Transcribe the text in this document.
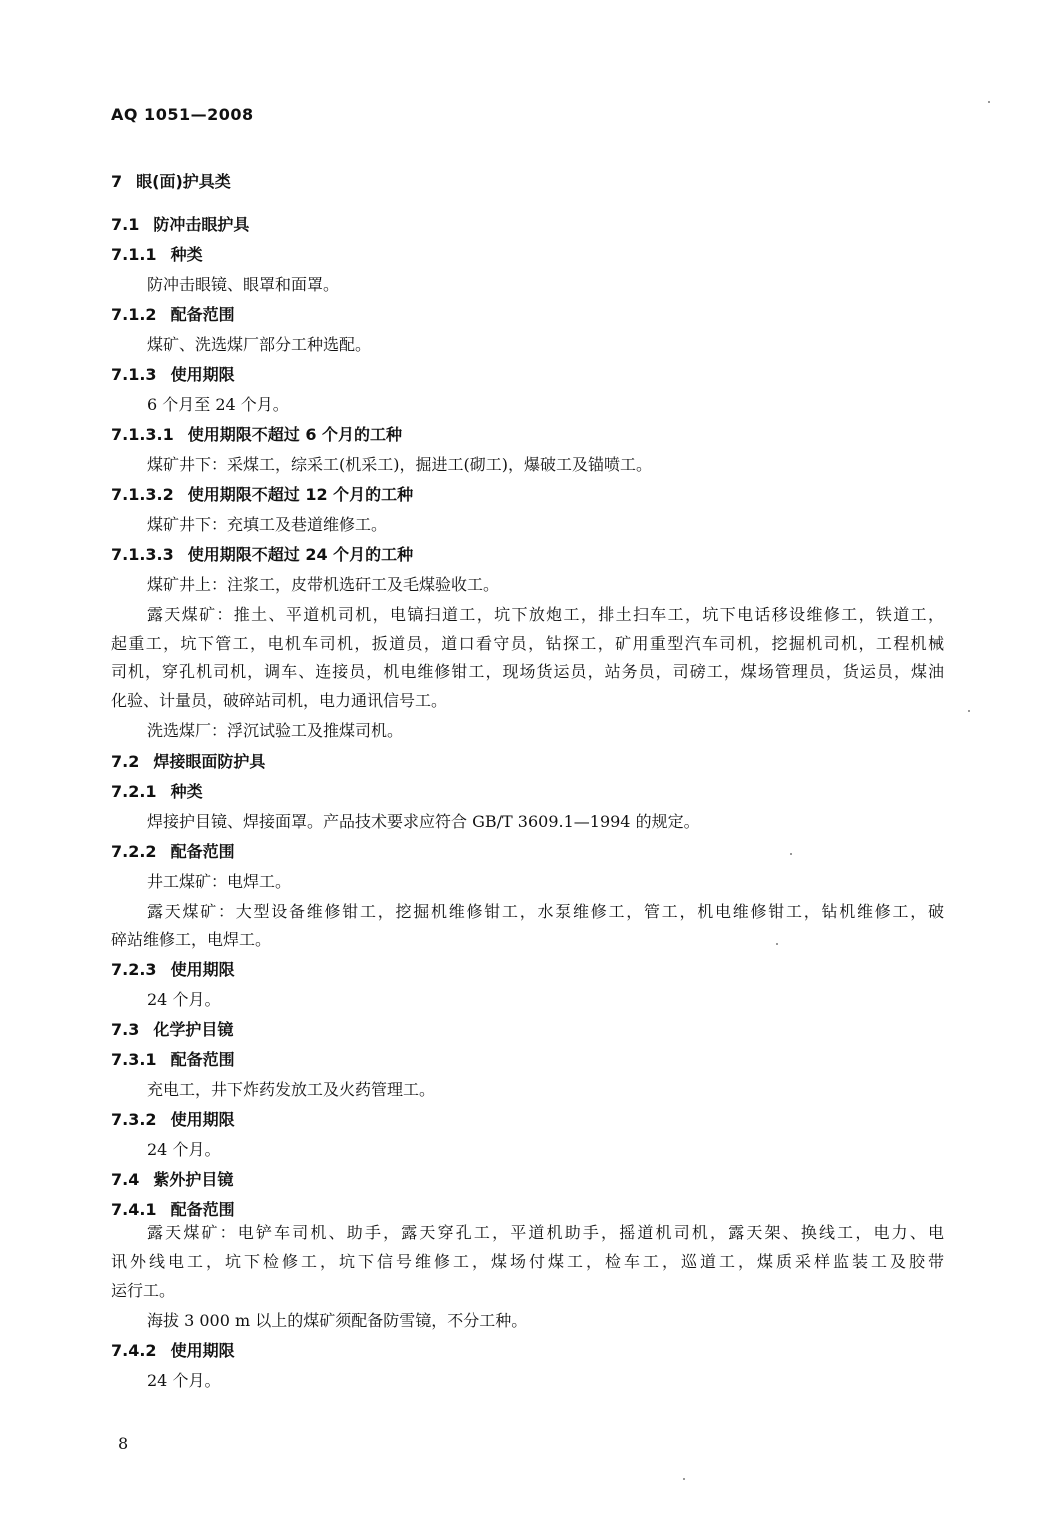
AQ 1051—2008
7 眼(面)护具类
7.1 防冲击眼护具
7.1.1 种类
防冲击眼镜、眼罩和面罩。
7.1.2 配备范围
煤矿、洗选煤厂部分工种选配。
7.1.3 使用期限
6 个月至 24 个月。
7.1.3.1 使用期限不超过 6 个月的工种
煤矿井下：采煤工，综采工(机采工)，掘进工(砌工)，爆破工及锚喷工。
7.1.3.2 使用期限不超过 12 个月的工种
煤矿井下：充填工及巷道维修工。
7.1.3.3 使用期限不超过 24 个月的工种
煤矿井上：注浆工，皮带机选矸工及毛煤验收工。
露天煤矿：推土、平道机司机，电镐扫道工，坑下放炮工，排土扫车工，坑下电话移设维修工，铁道工，
起重工，坑下管工，电机车司机，扳道员，道口看守员，钻探工，矿用重型汽车司机，挖掘机司机，工程机械
司机，穿孔机司机，调车、连接员，机电维修钳工，现场货运员，站务员，司磅工，煤场管理员，货运员，煤油
化验、计量员，破碎站司机，电力通讯信号工。
洗选煤厂：浮沉试验工及推煤司机。
7.2 焊接眼面防护具
7.2.1 种类
焊接护目镜、焊接面罩。产品技术要求应符合 GB/T 3609.1—1994 的规定。
7.2.2 配备范围
井工煤矿：电焊工。
露天煤矿：大型设备维修钳工，挖掘机维修钳工，水泵维修工，管工，机电维修钳工，钻机维修工，破
碎站维修工，电焊工。
7.2.3 使用期限
24 个月。
7.3 化学护目镜
7.3.1 配备范围
充电工，井下炸药发放工及火药管理工。
7.3.2 使用期限
24 个月。
7.4 紫外护目镜
7.4.1 配备范围
露天煤矿：电铲车司机、助手，露天穿孔工，平道机助手，摇道机司机，露天架、换线工，电力、电
讯外线电工，坑下检修工，坑下信号维修工，煤场付煤工，检车工，巡道工，煤质采样监装工及胶带
运行工。
海拔 3 000 m 以上的煤矿须配备防雪镜，不分工种。
7.4.2 使用期限
24 个月。
8
